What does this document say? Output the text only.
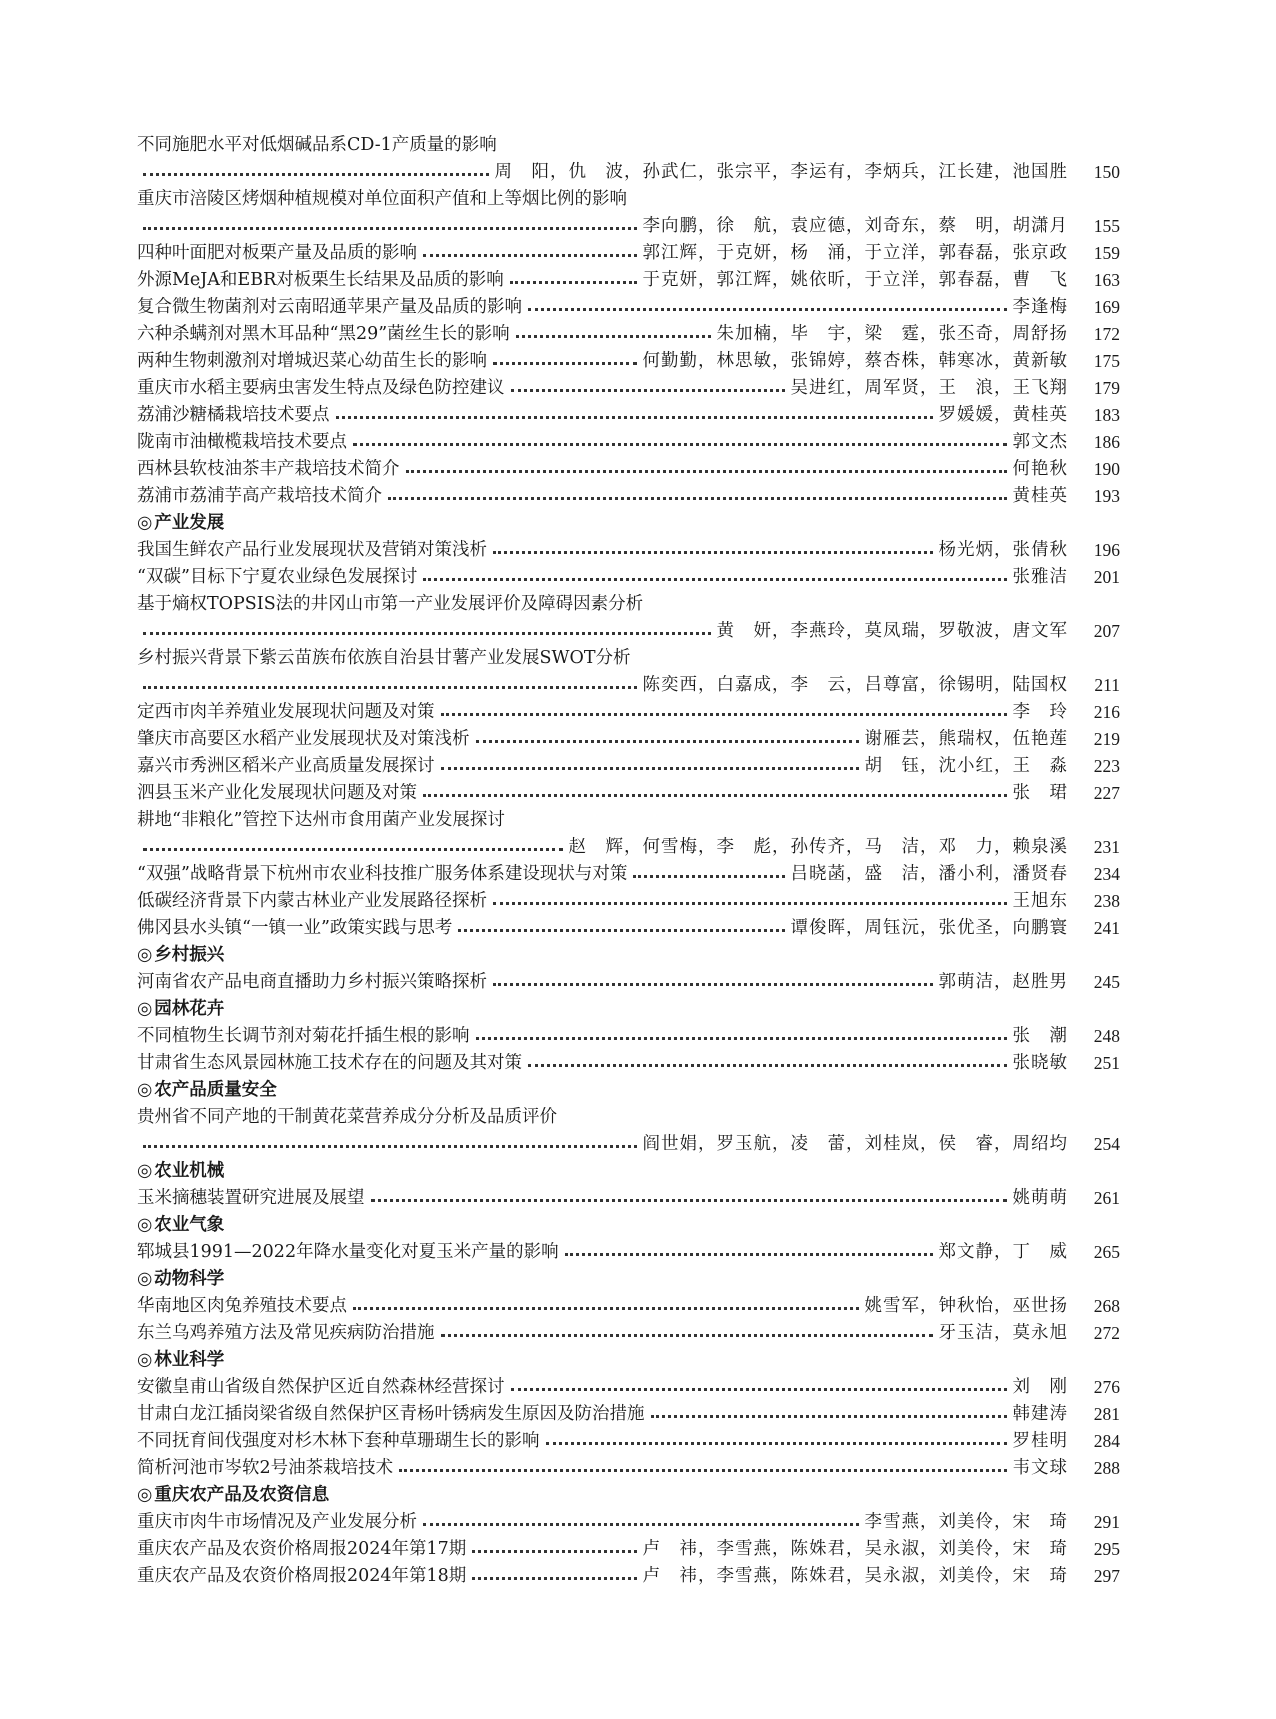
不同施肥水平对低烟碱品系CD-1产质量的影响
周　阳，仇　波，孙武仁，张宗平，李运有，李炳兵，江长建，池国胜	150
重庆市涪陵区烤烟种植规模对单位面积产值和上等烟比例的影响
李向鹏，徐　航，袁应德，刘奇东，蔡　明，胡潇月	155
四种叶面肥对板栗产量及品质的影响	郭江辉，于克妍，杨　涌，于立洋，郭春磊，张京政	159
外源MeJA和EBR对板栗生长结果及品质的影响	于克妍，郭江辉，姚依昕，于立洋，郭春磊，曹　飞	163
复合微生物菌剂对云南昭通苹果产量及品质的影响	李逢梅	169
六种杀螨剂对黑木耳品种“黑29”菌丝生长的影响	朱加楠，毕　宇，梁　霆，张丕奇，周舒扬	172
两种生物刺激剂对增城迟菜心幼苗生长的影响	何勤勤，林思敏，张锦婷，蔡杏株，韩寒冰，黄新敏	175
重庆市水稻主要病虫害发生特点及绿色防控建议	吴进红，周军贤，王　浪，王飞翔	179
荔浦沙糖橘栽培技术要点	罗媛媛，黄桂英	183
陇南市油橄榄栽培技术要点	郭文杰	186
西林县软枝油茶丰产栽培技术简介	何艳秋	190
荔浦市荔浦芋高产栽培技术简介	黄桂英	193
◎ 产业发展
我国生鲜农产品行业发展现状及营销对策浅析	杨光炳，张倩秋	196
“双碳”目标下宁夏农业绿色发展探讨	张雅洁	201
基于熵权TOPSIS法的井冈山市第一产业发展评价及障碍因素分析
黄　妍，李燕玲，莫凤瑞，罗敬波，唐文军	207
乡村振兴背景下紫云苗族布依族自治县甘薯产业发展SWOT分析
陈奕西，白嘉成，李　云，吕尊富，徐锡明，陆国权	211
定西市肉羊养殖业发展现状问题及对策	李　玲	216
肇庆市高要区水稻产业发展现状及对策浅析	谢雁芸，熊瑞权，伍艳莲	219
嘉兴市秀洲区稻米产业高质量发展探讨	胡　钰，沈小红，王　淼	223
泗县玉米产业化发展现状问题及对策	张　珺	227
耕地“非粮化”管控下达州市食用菌产业发展探讨
赵　辉，何雪梅，李　彪，孙传齐，马　洁，邓　力，赖泉溪	231
“双强”战略背景下杭州市农业科技推广服务体系建设现状与对策	吕晓菡，盛　洁，潘小利，潘贤春	234
低碳经济背景下内蒙古林业产业发展路径探析	王旭东	238
佛冈县水头镇“一镇一业”政策实践与思考	谭俊晖，周钰沅，张优圣，向鹏寰	241
◎ 乡村振兴
河南省农产品电商直播助力乡村振兴策略探析	郭萌洁，赵胜男	245
◎ 园林花卉
不同植物生长调节剂对菊花扦插生根的影响	张　潮	248
甘肃省生态风景园林施工技术存在的问题及其对策	张晓敏	251
◎ 农产品质量安全
贵州省不同产地的干制黄花菜营养成分分析及品质评价
阎世娟，罗玉航，凌　蕾，刘桂岚，侯　睿，周绍均	254
◎ 农业机械
玉米摘穗装置研究进展及展望	姚萌萌	261
◎ 农业气象
郓城县1991—2022年降水量变化对夏玉米产量的影响	郑文静，丁　威	265
◎ 动物科学
华南地区肉兔养殖技术要点	姚雪军，钟秋怡，巫世扬	268
东兰乌鸡养殖方法及常见疾病防治措施	牙玉洁，莫永旭	272
◎ 林业科学
安徽皇甫山省级自然保护区近自然森林经营探讨	刘　刚	276
甘肃白龙江插岗梁省级自然保护区青杨叶锈病发生原因及防治措施	韩建涛	281
不同抚育间伐强度对杉木林下套种草珊瑚生长的影响	罗桂明	284
简析河池市岑软2号油茶栽培技术	韦文球	288
◎ 重庆农产品及农资信息
重庆市肉牛市场情况及产业发展分析	李雪燕，刘美伶，宋　琦	291
重庆农产品及农资价格周报2024年第17期	卢　祎，李雪燕，陈姝君，吴永淑，刘美伶，宋　琦	295
重庆农产品及农资价格周报2024年第18期	卢　祎，李雪燕，陈姝君，吴永淑，刘美伶，宋　琦	297
